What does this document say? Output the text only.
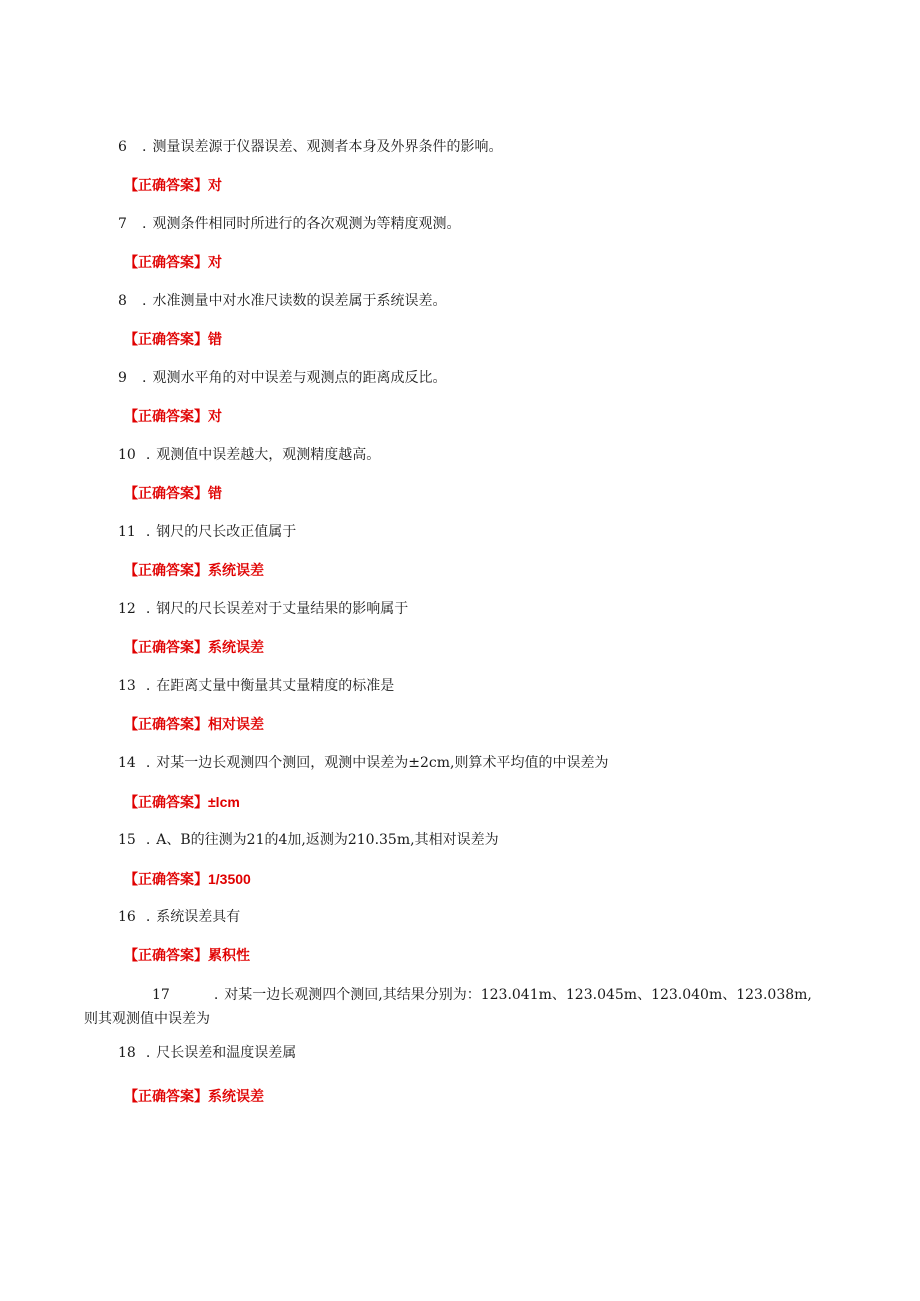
6 . 测量误差源于仪器误差、观测者本身及外界条件的影响。
【正确答案】对
7 . 观测条件相同时所进行的各次观测为等精度观测。
【正确答案】对
8 . 水准测量中对水准尺读数的误差属于系统误差。
【正确答案】错
9 . 观测水平角的对中误差与观测点的距离成反比。
【正确答案】对
10 . 观测值中误差越大，观测精度越高。
【正确答案】错
11 . 钢尺的尺长改正值属于
【正确答案】系统误差
12 . 钢尺的尺长误差对于丈量结果的影响属于
【正确答案】系统误差
13 . 在距离丈量中衡量其丈量精度的标准是
【正确答案】相对误差
14 . 对某一边长观测四个测回，观测中误差为±2cm,则算术平均值的中误差为
【正确答案】±lcm
15 . A、B的往测为21的4加,返测为210.35m,其相对误差为
【正确答案】1/3500
16 . 系统误差具有
【正确答案】累积性
17	. 对某一边长观测四个测回,其结果分别为：123.041m、123.045m、123.040m、123.038m,则其观测值中误差为
18 . 尺长误差和温度误差属
【正确答案】系统误差
